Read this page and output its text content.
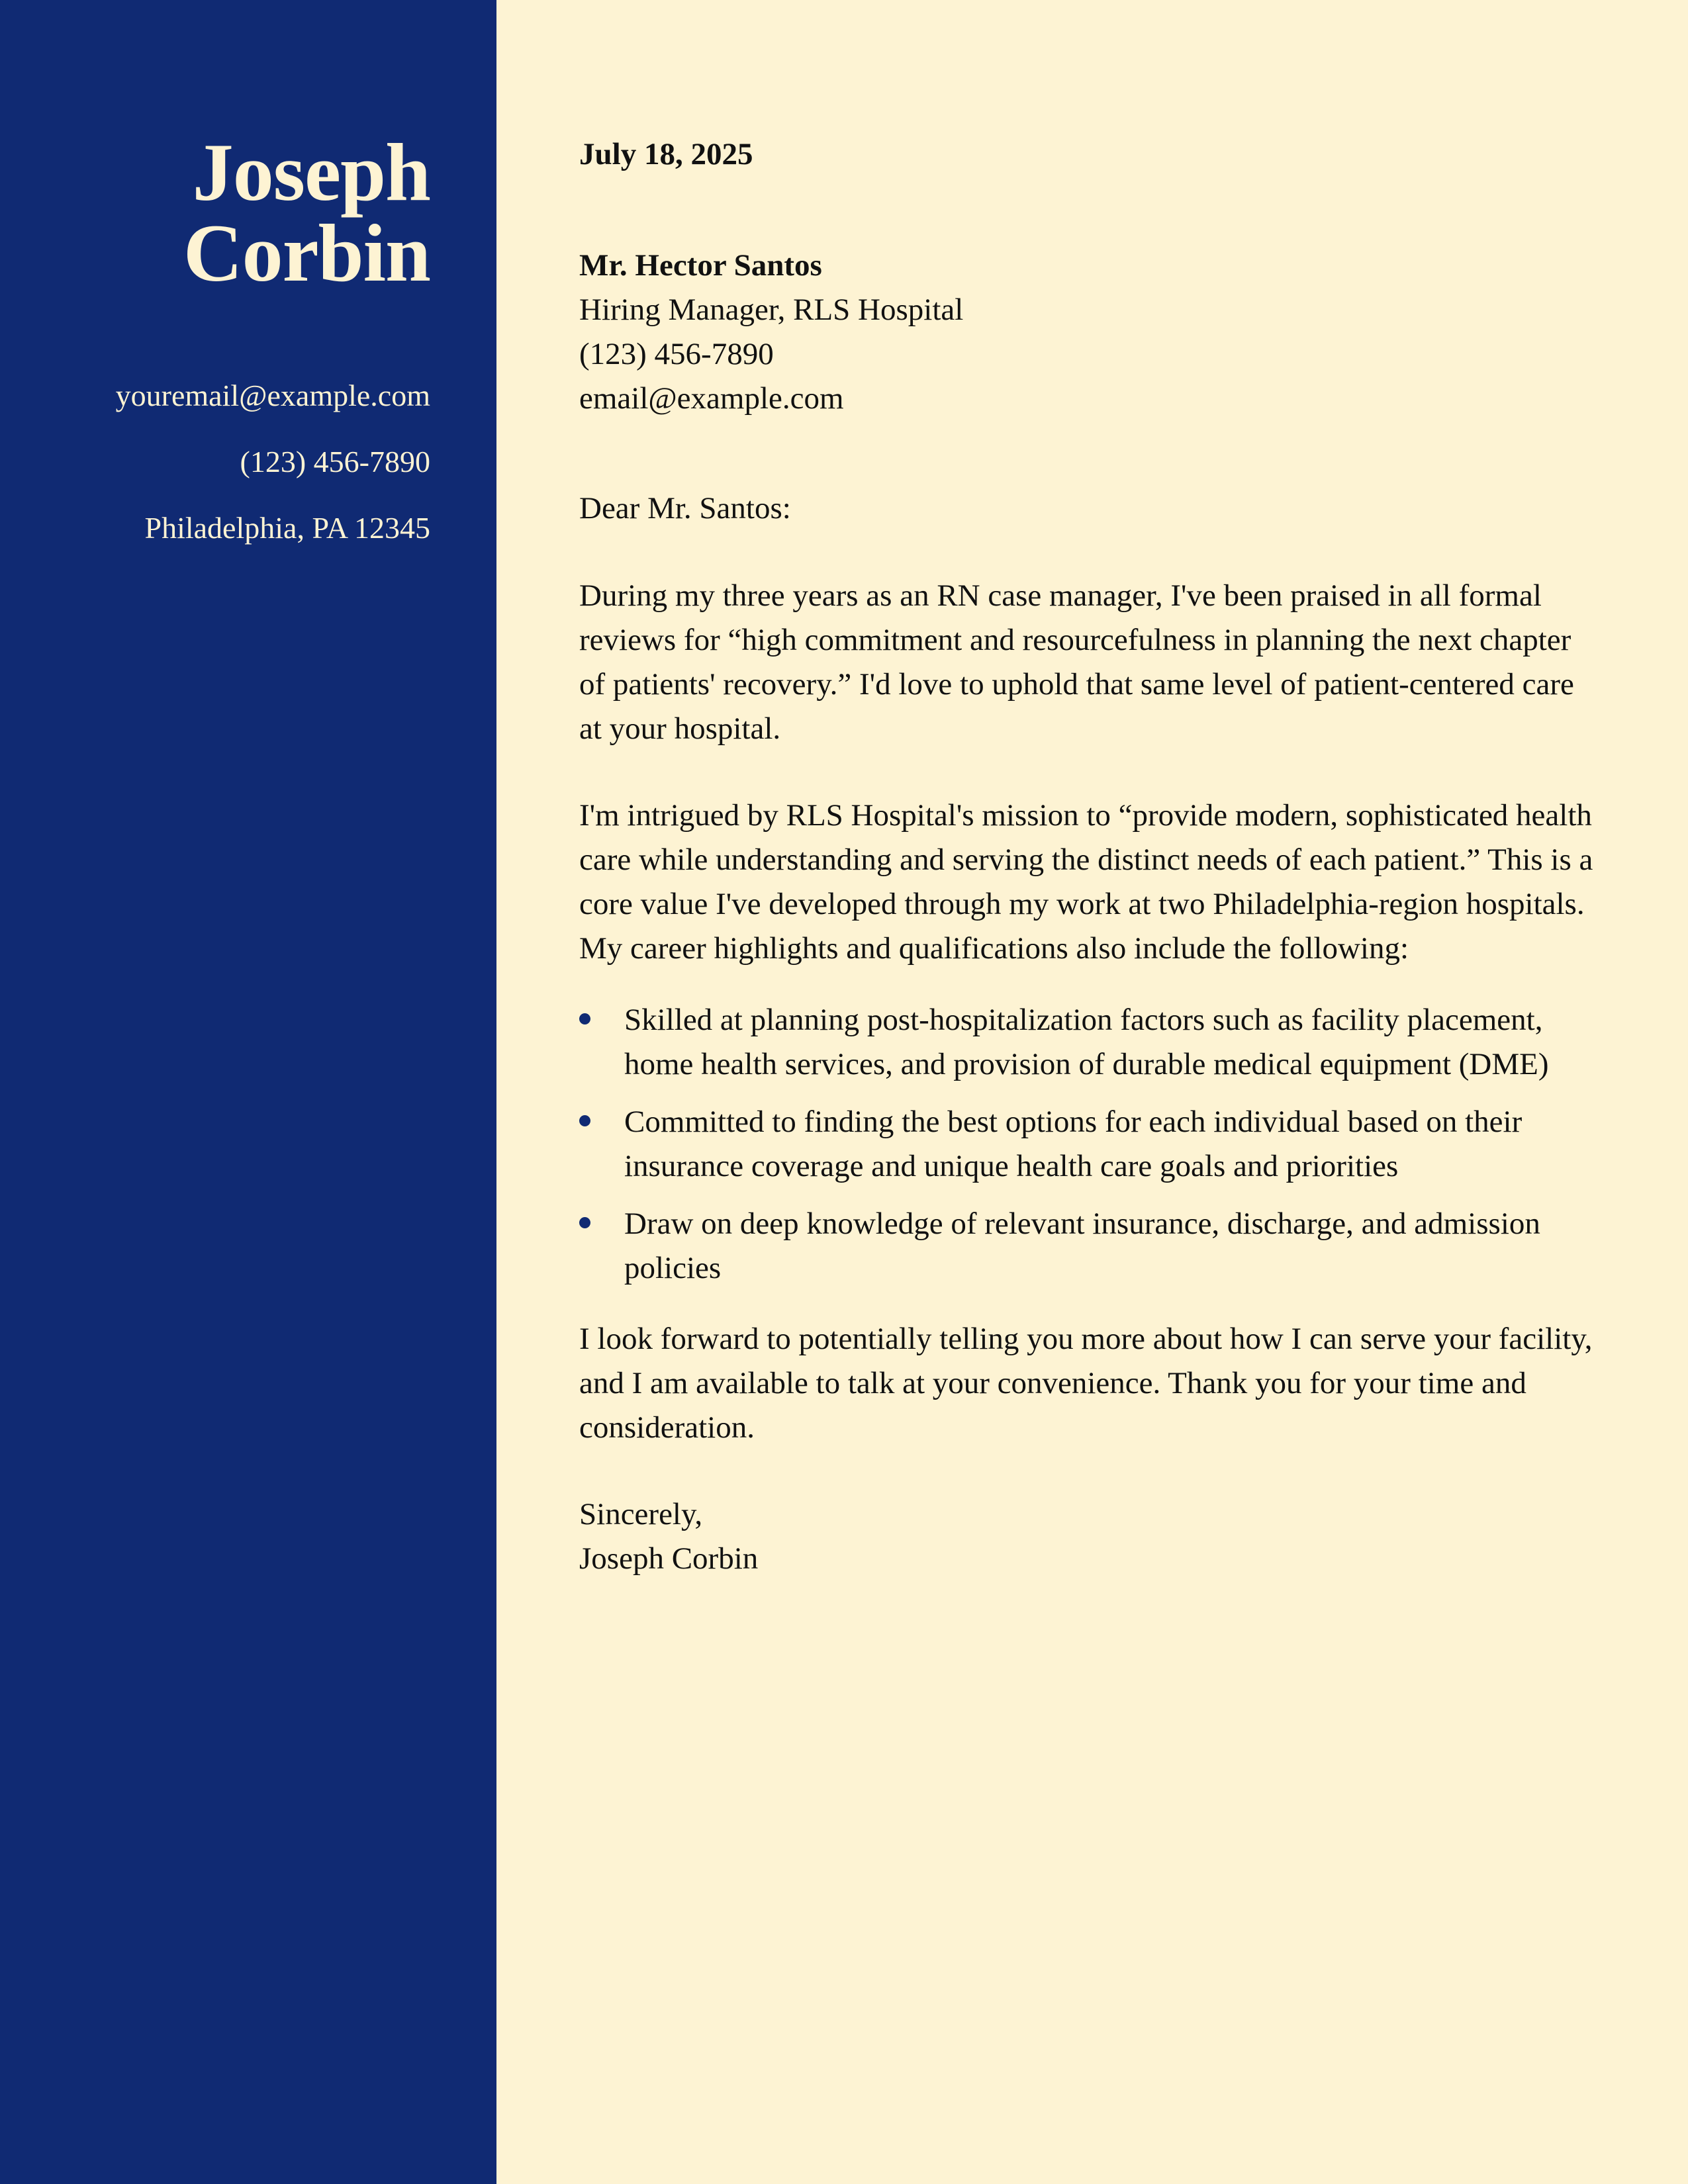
Joseph
Corbin
youremail@example.com
(123) 456-7890
Philadelphia, PA 12345
July 18, 2025
Mr. Hector Santos
Hiring Manager, RLS Hospital
(123) 456-7890
email@example.com
Dear Mr. Santos:

During my three years as an RN case manager, I've been praised in all formal reviews for “high commitment and resourcefulness in planning the next chapter of patients' recovery.” I'd love to uphold that same level of patient-centered care at your hospital.

I'm intrigued by RLS Hospital's mission to “provide modern, sophisticated health care while understanding and serving the distinct needs of each patient.” This is a core value I've developed through my work at two Philadelphia-region hospitals. My career highlights and qualifications also include the following:

Skilled at planning post-hospitalization factors such as facility placement, home health services, and provision of durable medical equipment (DME)
Committed to finding the best options for each individual based on their insurance coverage and unique health care goals and priorities
Draw on deep knowledge of relevant insurance, discharge, and admission policies

I look forward to potentially telling you more about how I can serve your facility, and I am available to talk at your convenience. Thank you for your time and consideration.

Sincerely,
Joseph Corbin
